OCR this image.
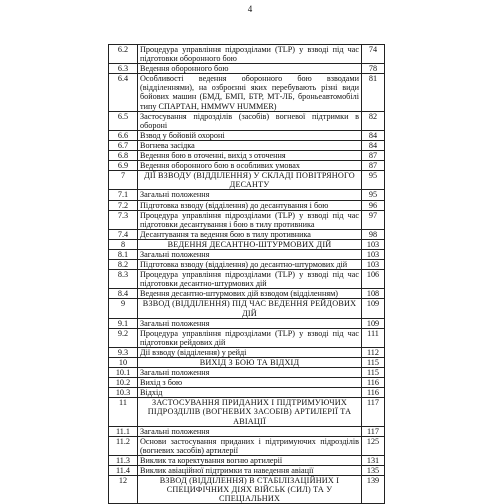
4
6.2	Процедура управління підрозділами (TLP) у взводі під час підготовки оборонного бою	74
6.3	Ведення оборонного бою	78
6.4	Особливості ведення оборонного бою взводами (відділеннями), на озброєнні яких перебувають різні види бойових машин (БМД, БМП, БТР, МТ-ЛБ, броньеавтомобілі типу СПАРТАН, HMMWV HUMMER)	81
6.5	Застосування підрозділів (засобів) вогневої підтримки в обороні	82
6.6	Взвод у бойовій охороні	84
6.7	Вогнева засідка	84
6.8	Ведення бою в оточенні, вихід з оточення	87
6.9	Ведення оборонного бою в особливих умовах	87
7	ДІЇ ВЗВОДУ (ВІДДІЛЕННЯ) У СКЛАДІ ПОВІТРЯНОГО ДЕСАНТУ	95
7.1	Загальні положення	95
7.2	Підготовка взводу (відділення) до десантування і бою	96
7.3	Процедура управління підрозділами (TLP) у взводі під час підготовки десантування і бою в тилу противника	97
7.4	Десантування та ведення бою в тилу противника	98
8	ВЕДЕННЯ ДЕСАНТНО-ШТУРМОВИХ ДІЙ	103
8.1	Загальні положення	103
8.2	Підготовка взводу (відділення) до десантно-штурмових дій	103
8.3	Процедура управління підрозділами (TLP) у взводі під час підготовки десантно-штурмових дій	106
8.4	Ведення десантно-штурмових дій взводом (відділенням)	108
9	ВЗВОД (ВІДДІЛЕННЯ) ПІД ЧАС ВЕДЕННЯ РЕЙДОВИХ ДІЙ	109
9.1	Загальні положення	109
9.2	Процедура управління підрозділами (TLP) у взводі під час підготовки рейдових дій	111
9.3	Дії взводу (відділення) у рейді	112
10	ВИХІД З БОЮ ТА ВІДХІД	115
10.1	Загальні положення	115
10.2	Вихід з бою	116
10.3	Відхід	116
11	ЗАСТОСУВАННЯ ПРИДАНИХ І ПІДТРИМУЮЧИХ ПІДРОЗДІЛІВ (ВОГНЕВИХ ЗАСОБІВ) АРТИЛЕРІЇ ТА АВІАЦІЇ	117
11.1	Загальні положення	117
11.2	Основи застосування приданих і підтримуючих підрозділів (вогневих засобів) артилерії	125
11.3	Виклик та коректування вогню артилерії	131
11.4	Виклик авіаційної підтримки та наведення авіації	135
12	ВЗВОД (ВІДДІЛЕННЯ) В СТАБІЛІЗАЦІЙНИХ І СПЕЦИФІЧНИХ ДІЯХ ВІЙСЬК (СИЛ) ТА У СПЕЦІАЛЬНИХ	139
